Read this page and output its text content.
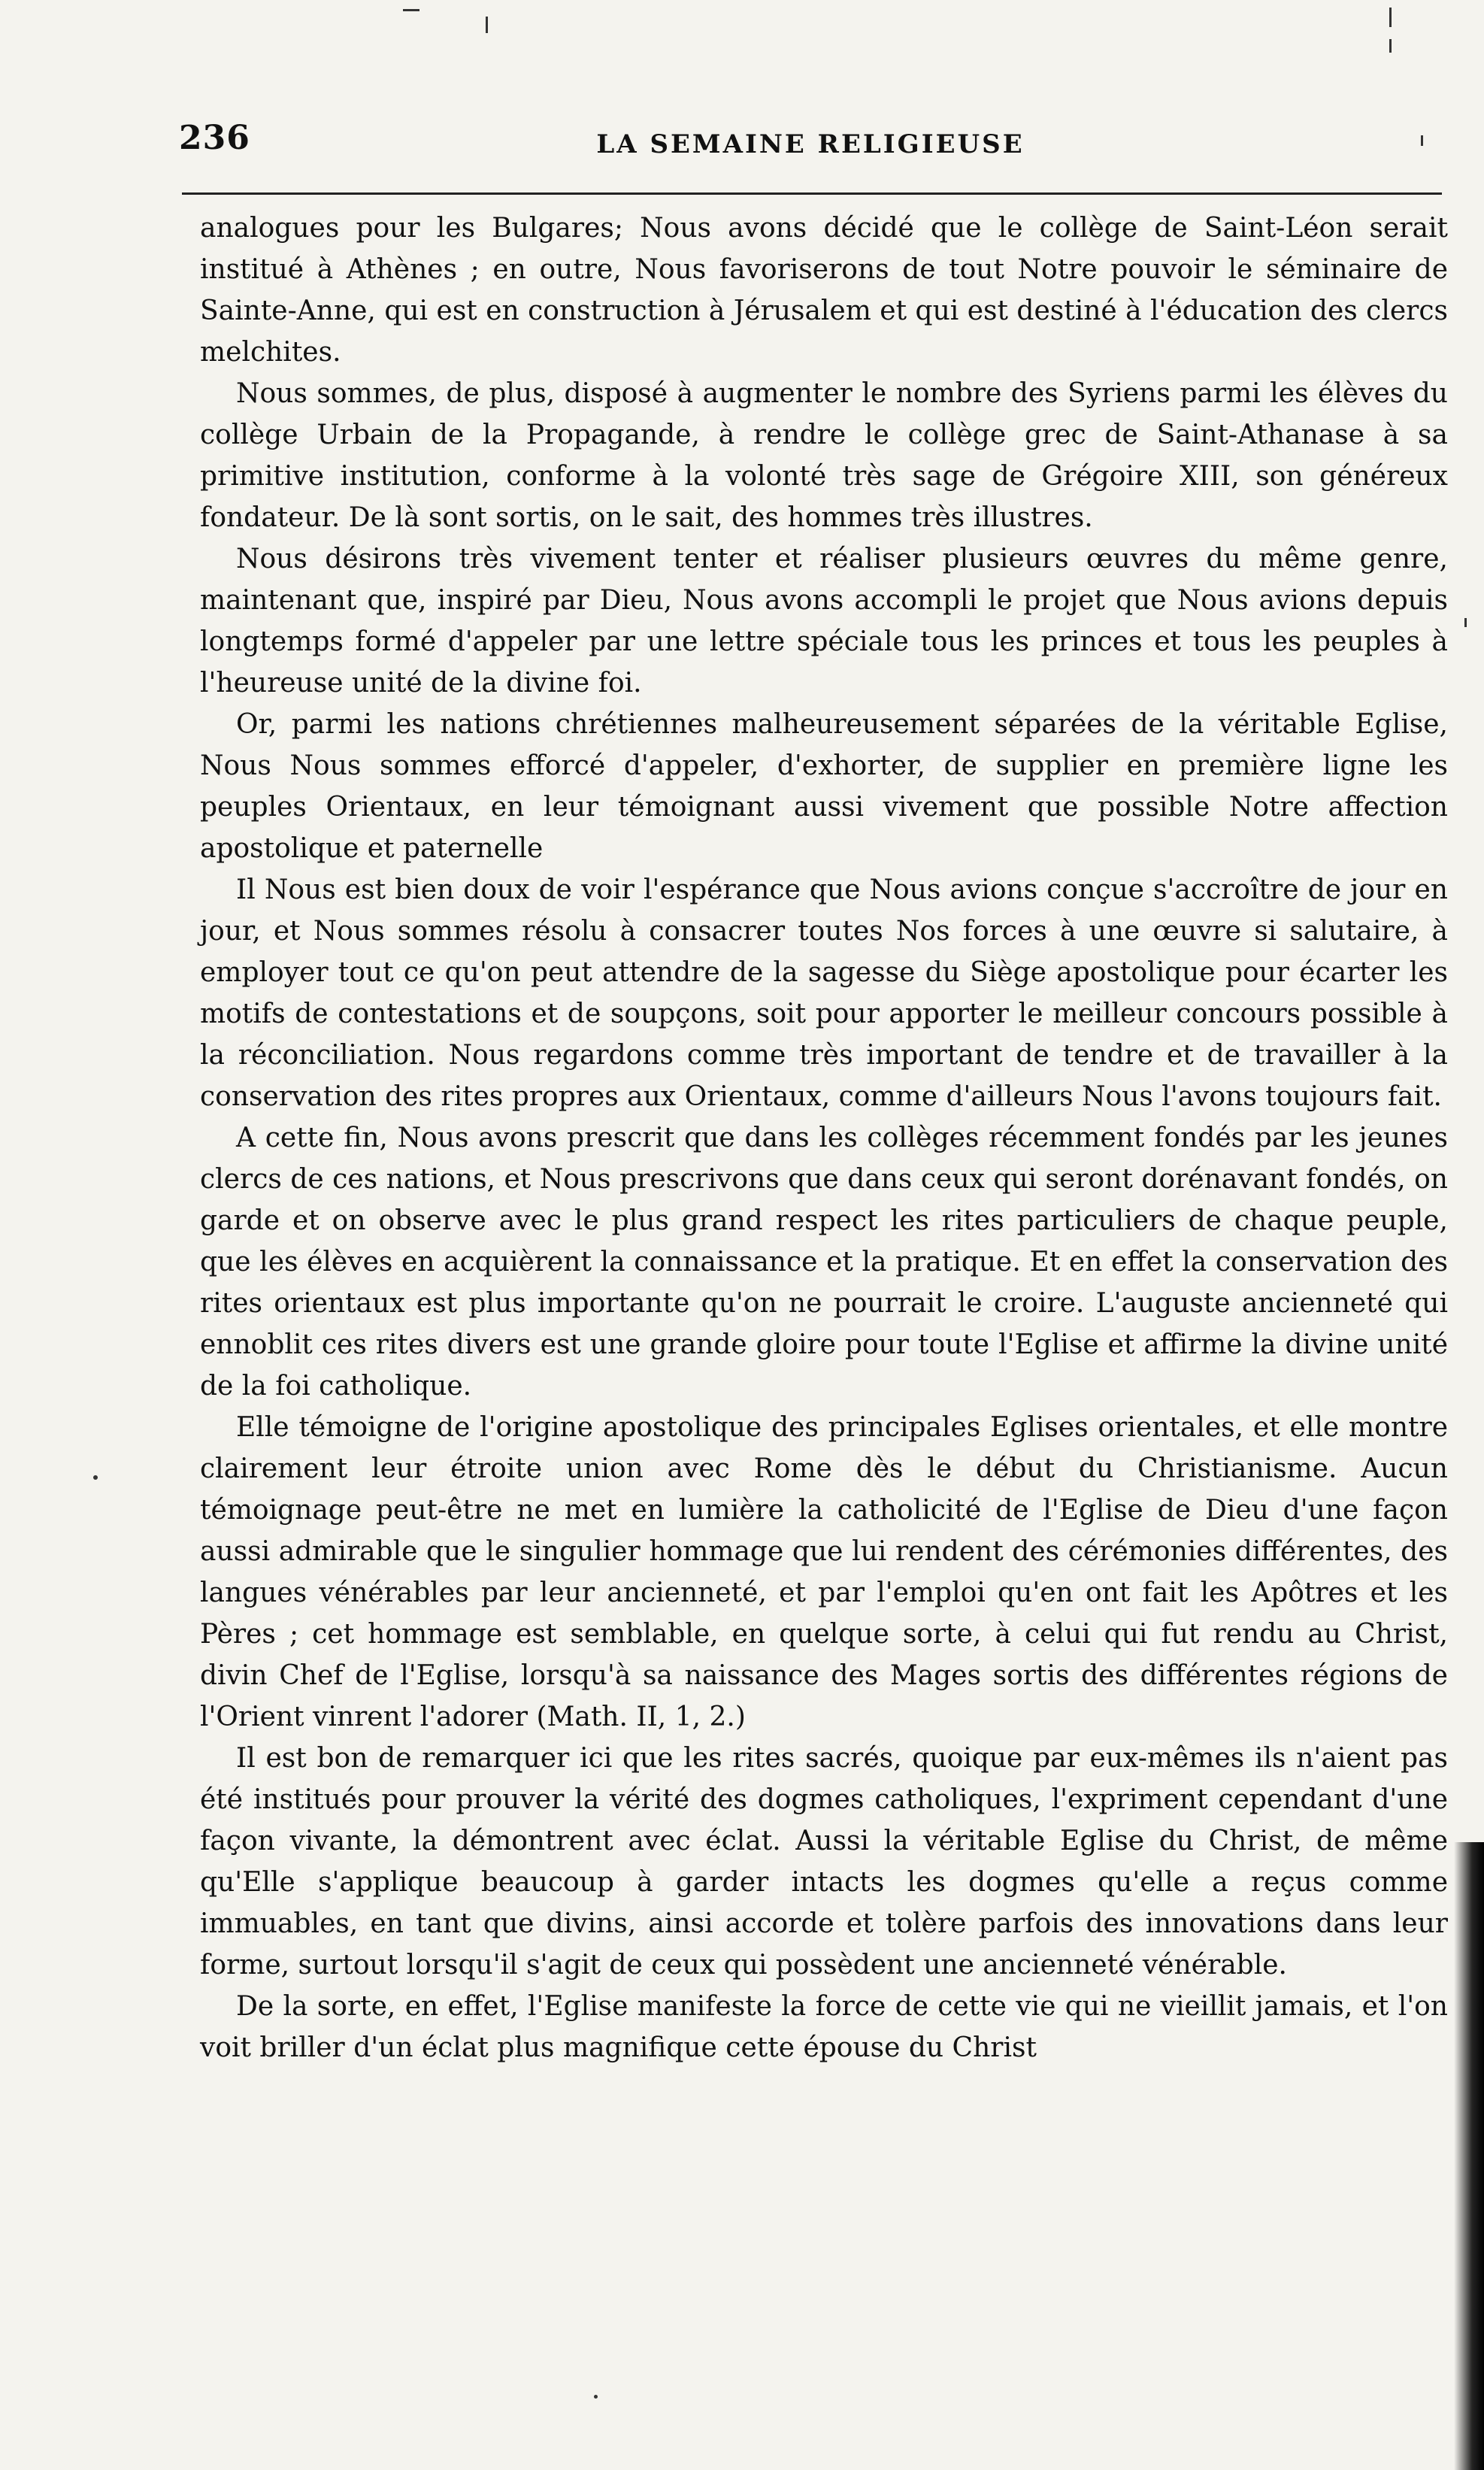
236	LA SEMAINE RELIGIEUSE

analogues pour les Bulgares; Nous avons décidé que le collège de Saint-Léon serait institué à Athènes ; en outre, Nous favoriserons de tout Notre pouvoir le séminaire de Sainte-Anne, qui est en construction à Jérusalem et qui est destiné à l'éducation des clercs melchites.

Nous sommes, de plus, disposé à augmenter le nombre des Syriens parmi les élèves du collège Urbain de la Propagande, à rendre le collège grec de Saint-Athanase à sa primitive institution, conforme à la volonté très sage de Grégoire XIII, son généreux fondateur. De là sont sortis, on le sait, des hommes très illustres.

Nous désirons très vivement tenter et réaliser plusieurs œuvres du même genre, maintenant que, inspiré par Dieu, Nous avons accompli le projet que Nous avions depuis longtemps formé d'appeler par une lettre spéciale tous les princes et tous les peuples à l'heureuse unité de la divine foi.

Or, parmi les nations chrétiennes malheureusement séparées de la véritable Eglise, Nous Nous sommes efforcé d'appeler, d'exhorter, de supplier en première ligne les peuples Orientaux, en leur témoignant aussi vivement que possible Notre affection apostolique et paternelle

Il Nous est bien doux de voir l'espérance que Nous avions conçue s'accroître de jour en jour, et Nous sommes résolu à consacrer toutes Nos forces à une œuvre si salutaire, à employer tout ce qu'on peut attendre de la sagesse du Siège apostolique pour écarter les motifs de contestations et de soupçons, soit pour apporter le meilleur concours possible à la réconciliation. Nous regardons comme très important de tendre et de travailler à la conservation des rites propres aux Orientaux, comme d'ailleurs Nous l'avons toujours fait.

A cette fin, Nous avons prescrit que dans les collèges récemment fondés par les jeunes clercs de ces nations, et Nous prescrivons que dans ceux qui seront dorénavant fondés, on garde et on observe avec le plus grand respect les rites particuliers de chaque peuple, que les élèves en acquièrent la connaissance et la pratique. Et en effet la conservation des rites orientaux est plus importante qu'on ne pourrait le croire. L'auguste ancienneté qui ennoblit ces rites divers est une grande gloire pour toute l'Eglise et affirme la divine unité de la foi catholique.

Elle témoigne de l'origine apostolique des principales Eglises orientales, et elle montre clairement leur étroite union avec Rome dès le début du Christianisme. Aucun témoignage peut-être ne met en lumière la catholicité de l'Eglise de Dieu d'une façon aussi admirable que le singulier hommage que lui rendent des cérémonies différentes, des langues vénérables par leur ancienneté, et par l'emploi qu'en ont fait les Apôtres et les Pères ; cet hommage est semblable, en quelque sorte, à celui qui fut rendu au Christ, divin Chef de l'Eglise, lorsqu'à sa naissance des Mages sortis des différentes régions de l'Orient vinrent l'adorer (Math. II, 1, 2.)

Il est bon de remarquer ici que les rites sacrés, quoique par eux-mêmes ils n'aient pas été institués pour prouver la vérité des dogmes catholiques, l'expriment cependant d'une façon vivante, la démontrent avec éclat. Aussi la véritable Eglise du Christ, de même qu'Elle s'applique beaucoup à garder intacts les dogmes qu'elle a reçus comme immuables, en tant que divins, ainsi accorde et tolère parfois des innovations dans leur forme, surtout lorsqu'il s'agit de ceux qui possèdent une ancienneté vénérable.

De la sorte, en effet, l'Eglise manifeste la force de cette vie qui ne vieillit jamais, et l'on voit briller d'un éclat plus magnifique cette épouse du Christ
